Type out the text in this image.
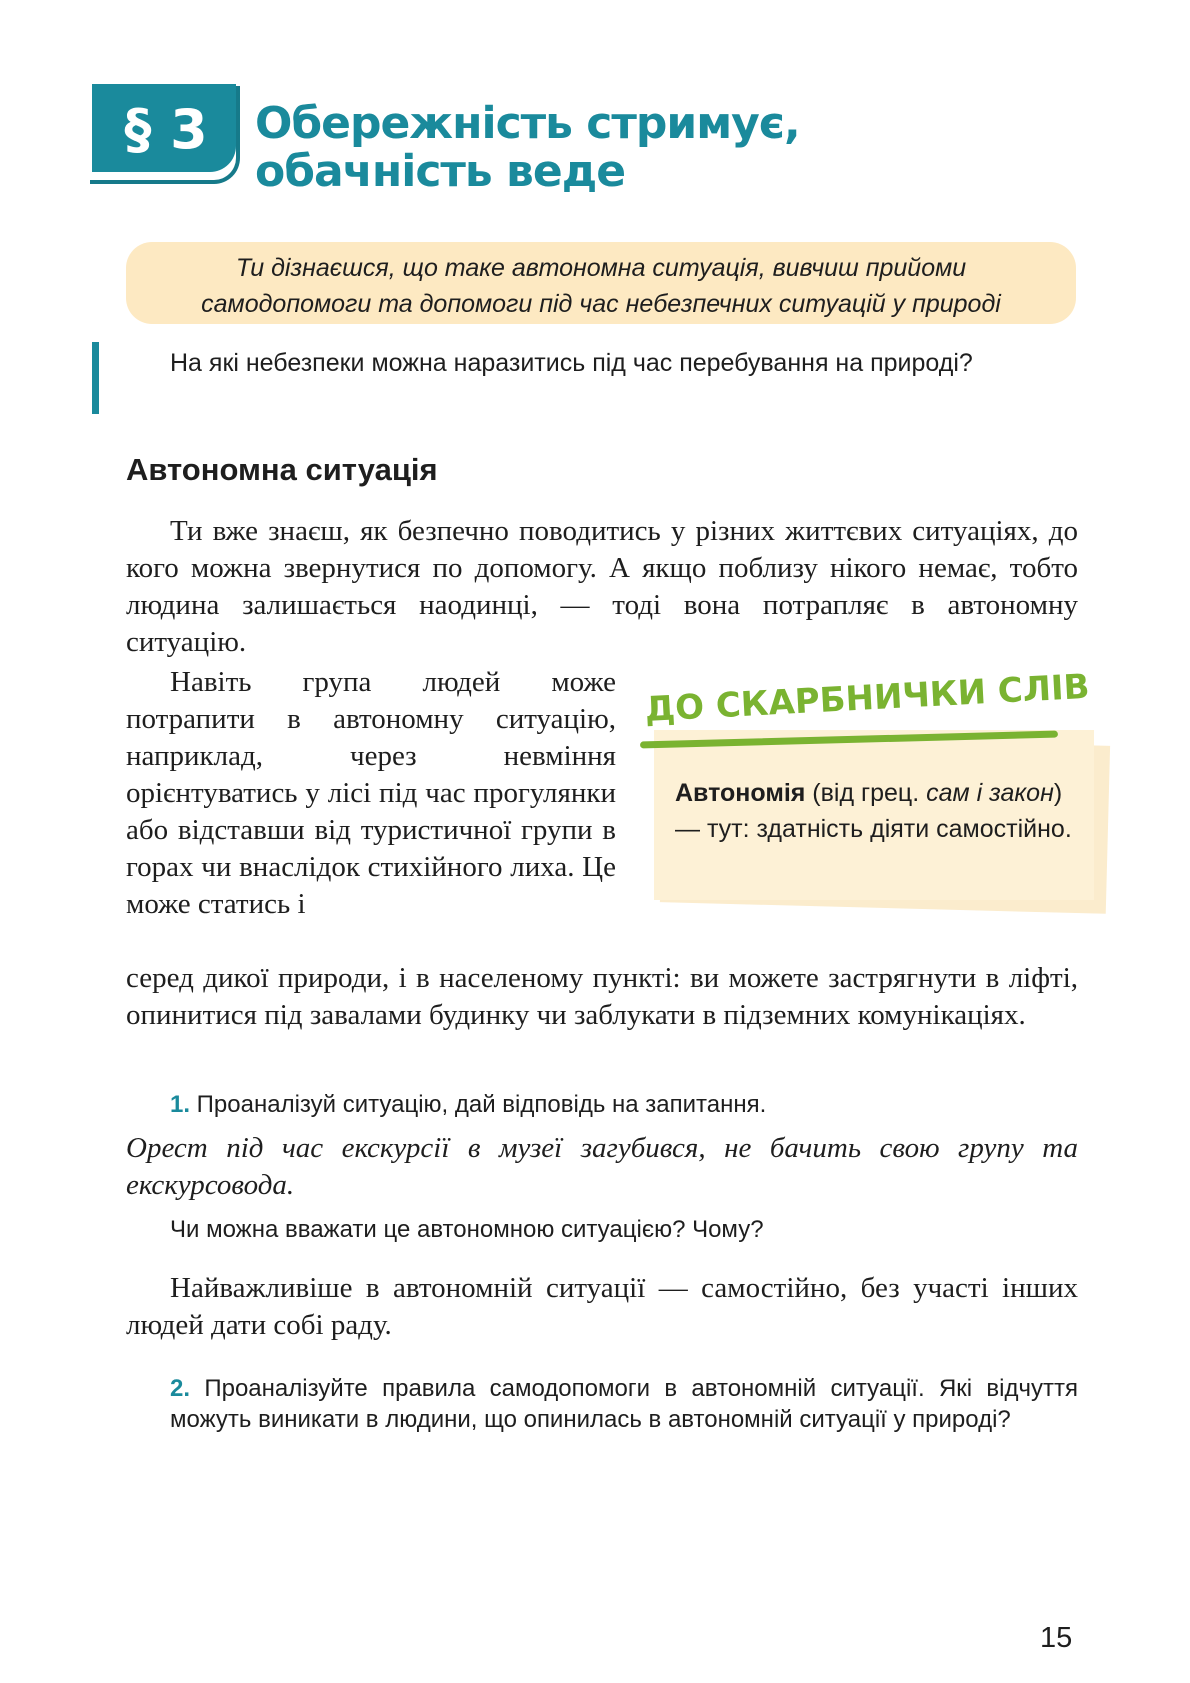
§ 3	Обережність стримує,
обачність веде
Ти дізнаєшся, що таке автономна ситуація, вивчиш прийоми
самодопомоги та допомоги під час небезпечних ситуацій у природі
На які небезпеки можна наразитись під час перебування на природі?
Автономна ситуація
Ти вже знаєш, як безпечно поводитись у різних життєвих ситуаціях, до кого можна звернутися по допомогу. А якщо поблизу нікого немає, тобто людина залишається наодинці, — тоді вона потрапляє в автономну ситуацію.
Навіть група людей може потрапити в автономну ситуацію, наприклад, через невміння орієнтуватись у лісі під час прогулянки або відставши від туристичної групи в горах чи внаслідок стихійного лиха. Це може статись і
серед дикої природи, і в населеному пункті: ви можете застрягнути в ліфті, опинитися під завалами будинку чи заблукати в підземних комунікаціях.
ДО СКАРБНИЧКИ СЛІВ
Автономія (від грец. сам і закон) — тут: здатність діяти самостійно.
1. Проаналізуй ситуацію, дай відповідь на запитання.
Орест під час екскурсії в музеї загубився, не бачить свою групу та екскурсовода.
Чи можна вважати це автономною ситуацією? Чому?
Найважливіше в автономній ситуації — самостійно, без участі інших людей дати собі раду.
2. Проаналізуйте правила самодопомоги в автономній ситуації. Які відчуття можуть виникати в людини, що опинилась в автономній ситуації у природі?
15
